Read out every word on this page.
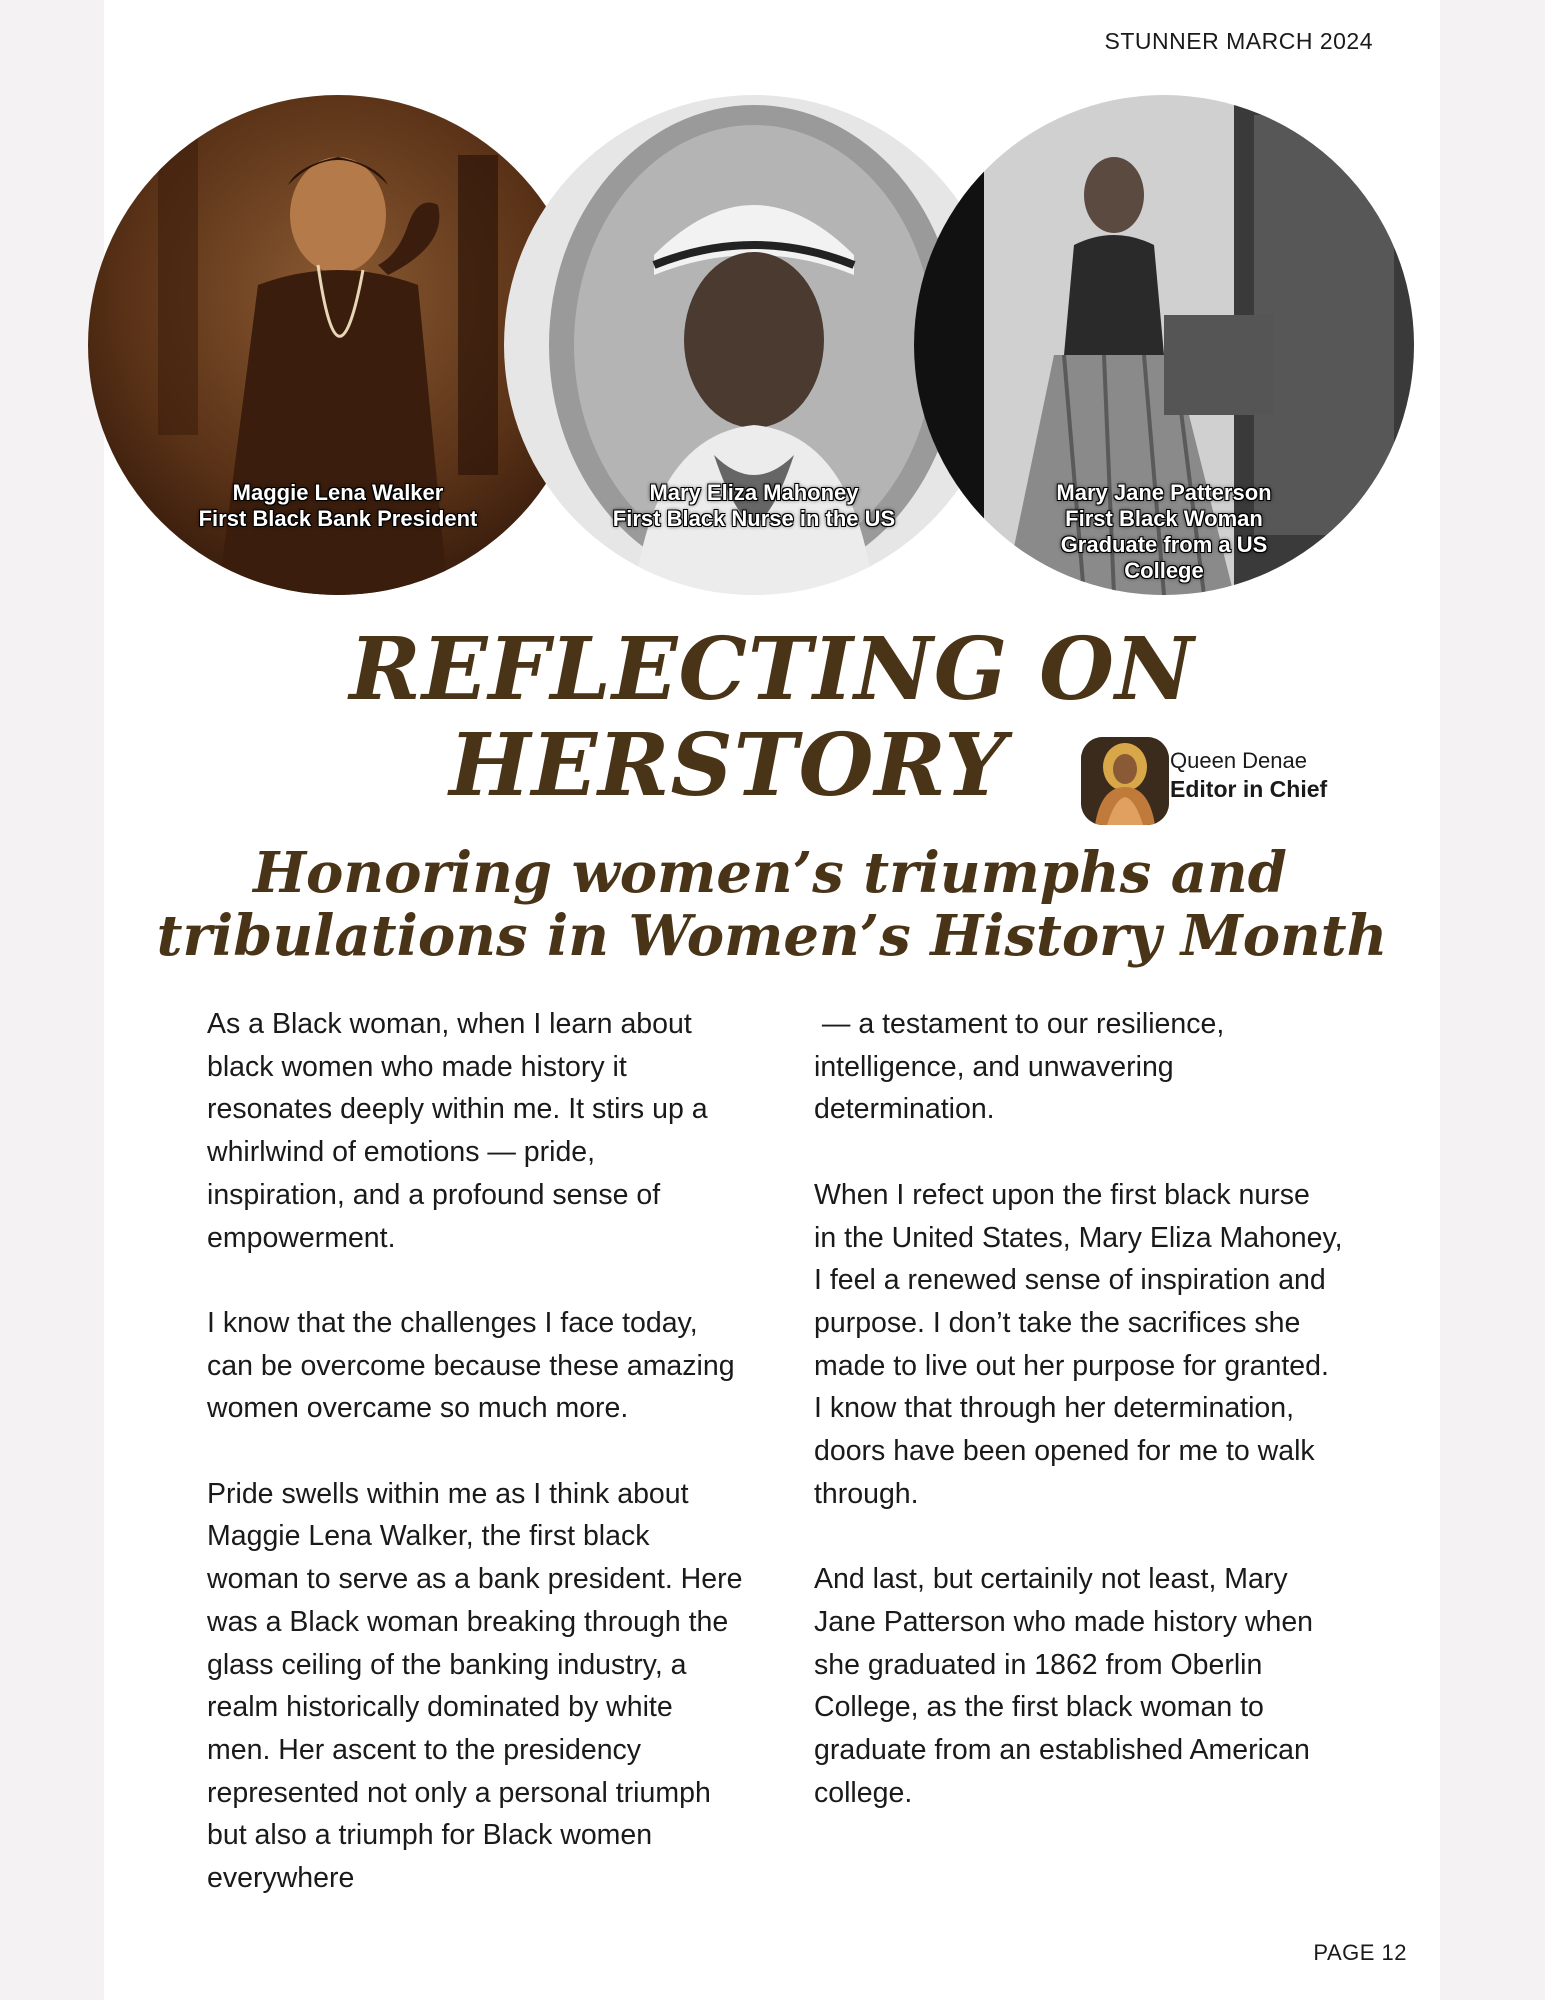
STUNNER MARCH 2024
Maggie Lena Walker
First Black Bank President
Mary Eliza Mahoney
First Black Nurse in the US
Mary Jane Patterson
First Black Woman
Graduate from a US
College
REFLECTING ON
HERSTORY	Queen Denae
Editor in Chief
Honoring women’s triumphs and
tribulations in Women’s History Month

As a Black woman, when I learn about
black women who made history it
resonates deeply within me. It stirs up a
whirlwind of emotions — pride,
inspiration, and a profound sense of
empowerment.

I know that the challenges I face today,
can be overcome because these amazing
women overcame so much more.

Pride swells within me as I think about
Maggie Lena Walker, the first black
woman to serve as a bank president. Here
was a Black woman breaking through the
glass ceiling of the banking industry, a
realm historically dominated by white
men. Her ascent to the presidency
represented not only a personal triumph
but also a triumph for Black women
everywhere

— a testament to our resilience,
intelligence, and unwavering
determination.

When I refect upon the first black nurse
in the United States, Mary Eliza Mahoney,
I feel a renewed sense of inspiration and
purpose. I don’t take the sacrifices she
made to live out her purpose for granted.
I know that through her determination,
doors have been opened for me to walk
through.

And last, but certainily not least, Mary
Jane Patterson who made history when
she graduated in 1862 from Oberlin
College, as the first black woman to
graduate from an established American
college.

PAGE 12
